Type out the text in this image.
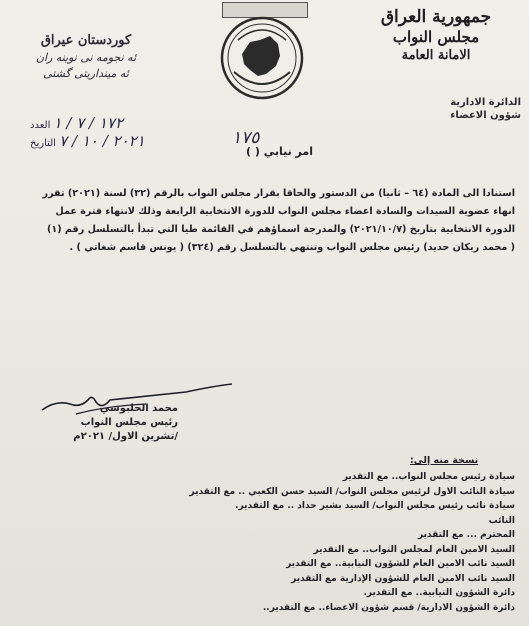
جمهورية العراق
مجلس النواب
الامانة العامة
كوردستان عيراق
ئه نجومه نى نوينه ران
ئه مينداريتى گشتى
الدائرة الادارية
شؤون الاعضاء
١٧٢ / ٧ / ١ العدد
٢٠٢١ / ١٠ / ٧ التاريخ	١٧٥
امر نيابي ( )

استنادا الى المادة (٦٤ – ثانيا) من الدستور والحاقا بقرار مجلس النواب بالرقم (٣٢) لسنة (٢٠٢١) تقرر

انهاء عضوية السيدات والسادة اعضاء مجلس النواب للدورة الانتخابية الرابعة وذلك لانتهاء فترة عمل

الدورة الانتخابية بتاريخ (٢٠٢١/١٠/٧) والمدرجة اسماؤهم في القائمة طيا التي تبدأ بالتسلسل رقم (١)

( محمد ريكان حديد) رئيس مجلس النواب وتنتهي بالتسلسل رقم (٣٢٤) ( يونس قاسم شغاتي ) .

محمد الحلبوسي
رئيس مجلس النواب
/تشرين الاول/ ٢٠٢١م
نسخة منه إلى:
سيادة رئيس مجلس النواب.. مع التقدير
سيادة النائب الاول لرئيس مجلس النواب/ السيد حسن الكعبي .. مع التقدير
سيادة نائب رئيس مجلس النواب/ السيد بشير حداد .. مع التقدير.
النائب
المحترم ... مع التقدير
السيد الامين العام لمجلس النواب.. مع التقدير
السيد نائب الامين العام للشؤون النيابية.. مع التقدير
السيد نائب الامين العام للشؤون الإدارية مع التقدير
دائرة الشؤون النيابية.. مع التقدير.
دائرة الشؤون الادارية/ قسم شؤون الاعضاء.. مع التقدير..
